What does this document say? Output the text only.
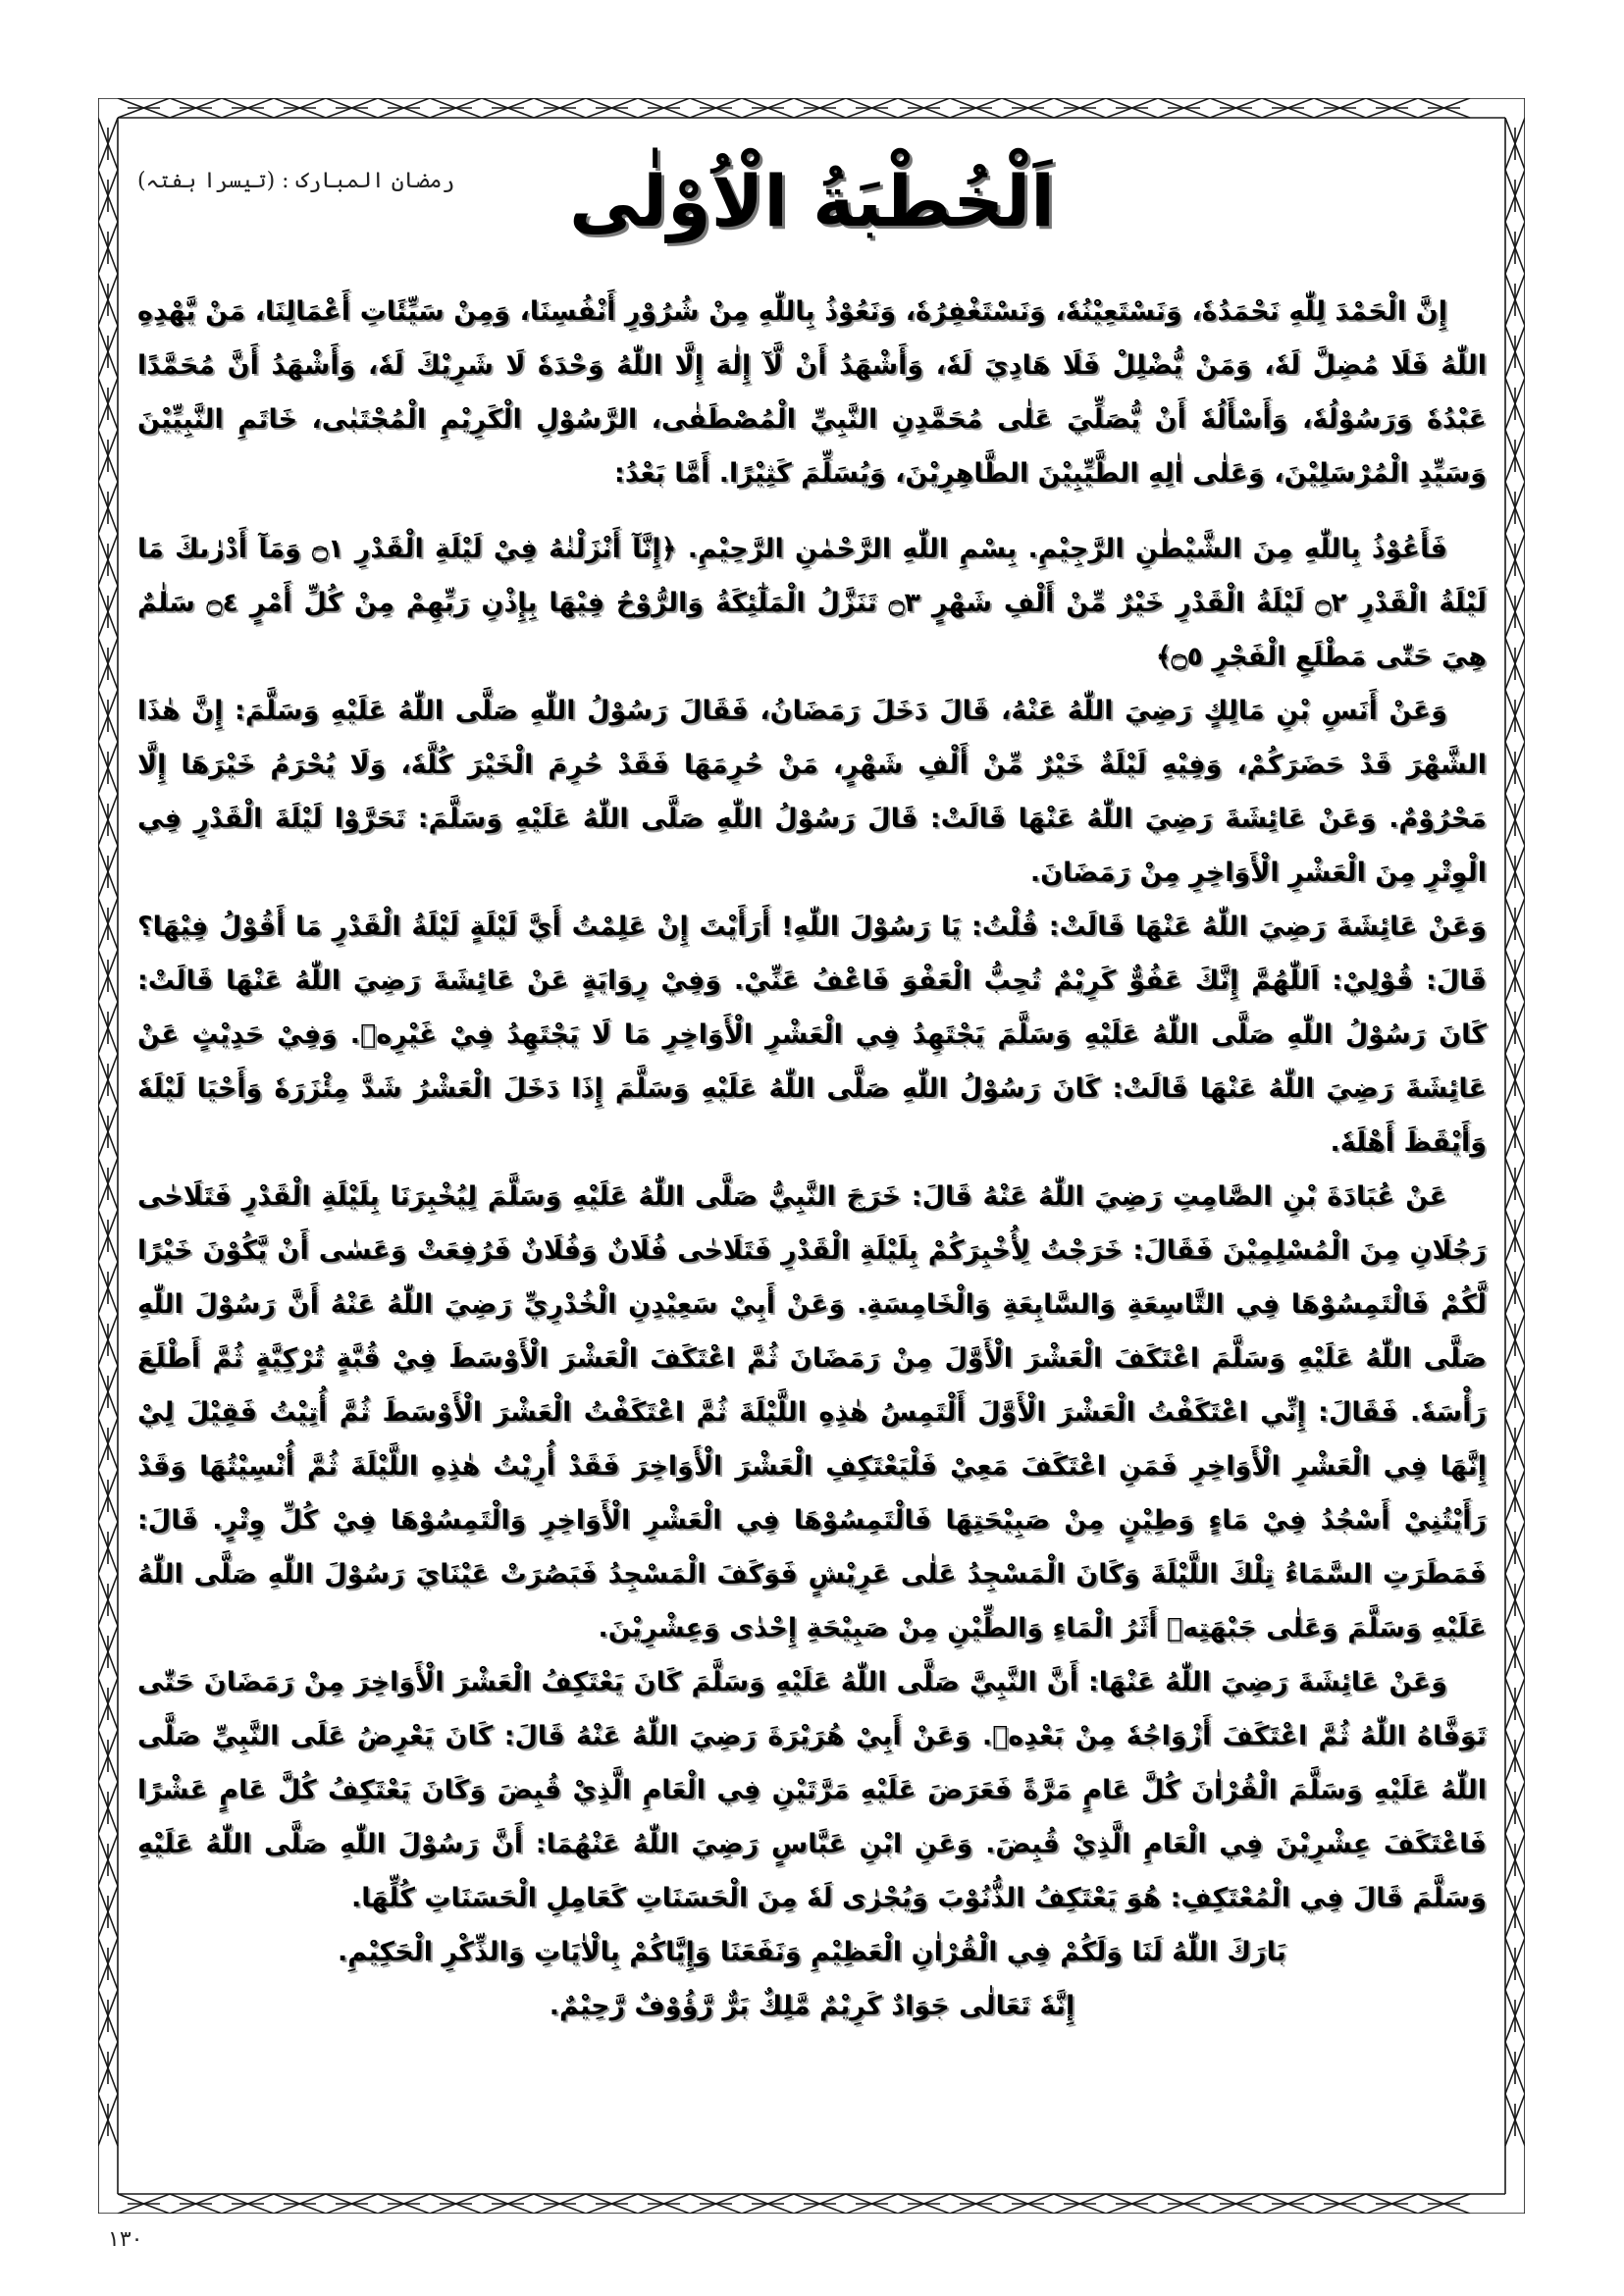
اَلْخُطْبَةُ الْاُوْلٰى
رمضان المبارک : (تیسرا ہفتہ)

إِنَّ الْحَمْدَ لِلّٰهِ نَحْمَدُهٗ، وَنَسْتَعِيْنُهٗ، وَنَسْتَغْفِرُهٗ، وَنَعُوْذُ بِاللّٰهِ مِنْ شُرُوْرِ أَنْفُسِنَا، وَمِنْ سَيِّئَاتِ أَعْمَالِنَا، مَنْ يَّهْدِهِ اللّٰهُ فَلَا مُضِلَّ لَهٗ، وَمَنْ يُّضْلِلْ فَلَا هَادِيَ لَهٗ، وَأَشْهَدُ أَنْ لَّآ إِلٰهَ إِلَّا اللّٰهُ وَحْدَهٗ لَا شَرِيْكَ لَهٗ، وَأَشْهَدُ أَنَّ مُحَمَّدًا عَبْدُهٗ وَرَسُوْلُهٗ، وَأَسْأَلُهٗ أَنْ يُّصَلِّيَ عَلٰى مُحَمَّدِنِ النَّبِيِّ الْمُصْطَفٰى، الرَّسُوْلِ الْكَرِيْمِ الْمُجْتَبٰى، خَاتَمِ النَّبِيِّيْنَ وَسَيِّدِ الْمُرْسَلِيْنَ، وَعَلٰى اٰلِهِ الطَّيِّبِيْنَ الطَّاهِرِيْنَ، وَيُسَلِّمَ كَثِيْرًا. أَمَّا بَعْدُ:

فَأَعُوْذُ بِاللّٰهِ مِنَ الشَّيْطٰنِ الرَّجِيْمِ. بِسْمِ اللّٰهِ الرَّحْمٰنِ الرَّحِيْمِ. ﴿إِنَّآ أَنْزَلْنٰهُ فِيْ لَيْلَةِ الْقَدْرِ ۝١ وَمَآ أَدْرٰىكَ مَا لَيْلَةُ الْقَدْرِ ۝٢ لَيْلَةُ الْقَدْرِ خَيْرٌ مِّنْ أَلْفِ شَهْرٍ ۝٣ تَنَزَّلُ الْمَلٰٓئِكَةُ وَالرُّوْحُ فِيْهَا بِإِذْنِ رَبِّهِمْ مِنْ كُلِّ أَمْرٍ ۝٤ سَلٰمٌ هِيَ حَتّٰى مَطْلَعِ الْفَجْرِ ۝٥﴾

وَعَنْ أَنَسِ بْنِ مَالِكٍ رَضِيَ اللّٰهُ عَنْهُ، قَالَ دَخَلَ رَمَضَانُ، فَقَالَ رَسُوْلُ اللّٰهِ صَلَّى اللّٰهُ عَلَيْهِ وَسَلَّمَ: إِنَّ هٰذَا الشَّهْرَ قَدْ حَضَرَكُمْ، وَفِيْهِ لَيْلَةٌ خَيْرٌ مِّنْ أَلْفِ شَهْرٍ، مَنْ حُرِمَهَا فَقَدْ حُرِمَ الْخَيْرَ كُلَّهٗ، وَلَا يُحْرَمُ خَيْرَهَا إِلَّا مَحْرُوْمٌ. وَعَنْ عَائِشَةَ رَضِيَ اللّٰهُ عَنْهَا قَالَتْ: قَالَ رَسُوْلُ اللّٰهِ صَلَّى اللّٰهُ عَلَيْهِ وَسَلَّمَ: تَحَرَّوْا لَيْلَةَ الْقَدْرِ فِي الْوِتْرِ مِنَ الْعَشْرِ الْأَوَاخِرِ مِنْ رَمَضَانَ.

وَعَنْ عَائِشَةَ رَضِيَ اللّٰهُ عَنْهَا قَالَتْ: قُلْتُ: يَا رَسُوْلَ اللّٰهِ! أَرَأَيْتَ إِنْ عَلِمْتُ أَيَّ لَيْلَةٍ لَيْلَةُ الْقَدْرِ مَا أَقُوْلُ فِيْهَا؟ قَالَ: قُوْلِيْ: اَللّٰهُمَّ إِنَّكَ عَفُوٌّ كَرِيْمٌ تُحِبُّ الْعَفْوَ فَاعْفُ عَنِّيْ. وَفِيْ رِوَايَةٍ عَنْ عَائِشَةَ رَضِيَ اللّٰهُ عَنْهَا قَالَتْ: كَانَ رَسُوْلُ اللّٰهِ صَلَّى اللّٰهُ عَلَيْهِ وَسَلَّمَ يَجْتَهِدُ فِي الْعَشْرِ الْأَوَاخِرِ مَا لَا يَجْتَهِدُ فِيْ غَيْرِهٖ. وَفِيْ حَدِيْثٍ عَنْ عَائِشَةَ رَضِيَ اللّٰهُ عَنْهَا قَالَتْ: كَانَ رَسُوْلُ اللّٰهِ صَلَّى اللّٰهُ عَلَيْهِ وَسَلَّمَ إِذَا دَخَلَ الْعَشْرُ شَدَّ مِئْزَرَهٗ وَأَحْيَا لَيْلَهٗ وَأَيْقَظَ أَهْلَهٗ.

عَنْ عُبَادَةَ بْنِ الصَّامِتِ رَضِيَ اللّٰهُ عَنْهُ قَالَ: خَرَجَ النَّبِيُّ صَلَّى اللّٰهُ عَلَيْهِ وَسَلَّمَ لِيُخْبِرَنَا بِلَيْلَةِ الْقَدْرِ فَتَلَاحٰى رَجُلَانِ مِنَ الْمُسْلِمِيْنَ فَقَالَ: خَرَجْتُ لِأُخْبِرَكُمْ بِلَيْلَةِ الْقَدْرِ فَتَلَاحٰى فُلَانٌ وَفُلَانٌ فَرُفِعَتْ وَعَسٰى أَنْ يَّكُوْنَ خَيْرًا لَّكُمْ فَالْتَمِسُوْهَا فِي التَّاسِعَةِ وَالسَّابِعَةِ وَالْخَامِسَةِ. وَعَنْ أَبِيْ سَعِيْدِنِ الْخُدْرِيِّ رَضِيَ اللّٰهُ عَنْهُ أَنَّ رَسُوْلَ اللّٰهِ صَلَّى اللّٰهُ عَلَيْهِ وَسَلَّمَ اعْتَكَفَ الْعَشْرَ الْأَوَّلَ مِنْ رَمَضَانَ ثُمَّ اعْتَكَفَ الْعَشْرَ الْأَوْسَطَ فِيْ قُبَّةٍ تُرْكِيَّةٍ ثُمَّ أَطْلَعَ رَأْسَهٗ. فَقَالَ: إِنِّي اعْتَكَفْتُ الْعَشْرَ الْأَوَّلَ أَلْتَمِسُ هٰذِهِ اللَّيْلَةَ ثُمَّ اعْتَكَفْتُ الْعَشْرَ الْأَوْسَطَ ثُمَّ أُتِيْتُ فَقِيْلَ لِيْ إِنَّهَا فِي الْعَشْرِ الْأَوَاخِرِ فَمَنِ اعْتَكَفَ مَعِيْ فَلْيَعْتَكِفِ الْعَشْرَ الْأَوَاخِرَ فَقَدْ أُرِيْتُ هٰذِهِ اللَّيْلَةَ ثُمَّ أُنْسِيْتُهَا وَقَدْ رَأَيْتُنِيْ أَسْجُدُ فِيْ مَاءٍ وَطِيْنٍ مِنْ صَبِيْحَتِهَا فَالْتَمِسُوْهَا فِي الْعَشْرِ الْأَوَاخِرِ وَالْتَمِسُوْهَا فِيْ كُلِّ وِتْرٍ. قَالَ: فَمَطَرَتِ السَّمَاءُ تِلْكَ اللَّيْلَةَ وَكَانَ الْمَسْجِدُ عَلٰى عَرِيْشٍ فَوَكَفَ الْمَسْجِدُ فَبَصُرَتْ عَيْنَايَ رَسُوْلَ اللّٰهِ صَلَّى اللّٰهُ عَلَيْهِ وَسَلَّمَ وَعَلٰى جَبْهَتِهٖ أَثَرُ الْمَاءِ وَالطِّيْنِ مِنْ صَبِيْحَةِ إِحْدٰى وَعِشْرِيْنَ.

وَعَنْ عَائِشَةَ رَضِيَ اللّٰهُ عَنْهَا: أَنَّ النَّبِيَّ صَلَّى اللّٰهُ عَلَيْهِ وَسَلَّمَ كَانَ يَعْتَكِفُ الْعَشْرَ الْأَوَاخِرَ مِنْ رَمَضَانَ حَتّٰى تَوَفَّاهُ اللّٰهُ ثُمَّ اعْتَكَفَ أَزْوَاجُهٗ مِنْ بَعْدِهٖ. وَعَنْ أَبِيْ هُرَيْرَةَ رَضِيَ اللّٰهُ عَنْهُ قَالَ: كَانَ يَعْرِضُ عَلَى النَّبِيِّ صَلَّى اللّٰهُ عَلَيْهِ وَسَلَّمَ الْقُرْاٰنَ كُلَّ عَامٍ مَرَّةً فَعَرَضَ عَلَيْهِ مَرَّتَيْنِ فِي الْعَامِ الَّذِيْ قُبِضَ وَكَانَ يَعْتَكِفُ كُلَّ عَامٍ عَشْرًا فَاعْتَكَفَ عِشْرِيْنَ فِي الْعَامِ الَّذِيْ قُبِضَ. وَعَنِ ابْنِ عَبَّاسٍ رَضِيَ اللّٰهُ عَنْهُمَا: أَنَّ رَسُوْلَ اللّٰهِ صَلَّى اللّٰهُ عَلَيْهِ وَسَلَّمَ قَالَ فِي الْمُعْتَكِفِ: هُوَ يَعْتَكِفُ الذُّنُوْبَ وَيُجْرٰى لَهٗ مِنَ الْحَسَنَاتِ كَعَامِلِ الْحَسَنَاتِ كُلِّهَا.

بَارَكَ اللّٰهُ لَنَا وَلَكُمْ فِي الْقُرْاٰنِ الْعَظِيْمِ وَنَفَعَنَا وَإِيَّاكُمْ بِالْاٰيَاتِ وَالذِّكْرِ الْحَكِيْمِ.

إِنَّهٗ تَعَالٰى جَوَادٌ كَرِيْمٌ مَّلِكٌ بَرٌّ رَّؤُوْفٌ رَّحِيْمٌ.

١٣٠
